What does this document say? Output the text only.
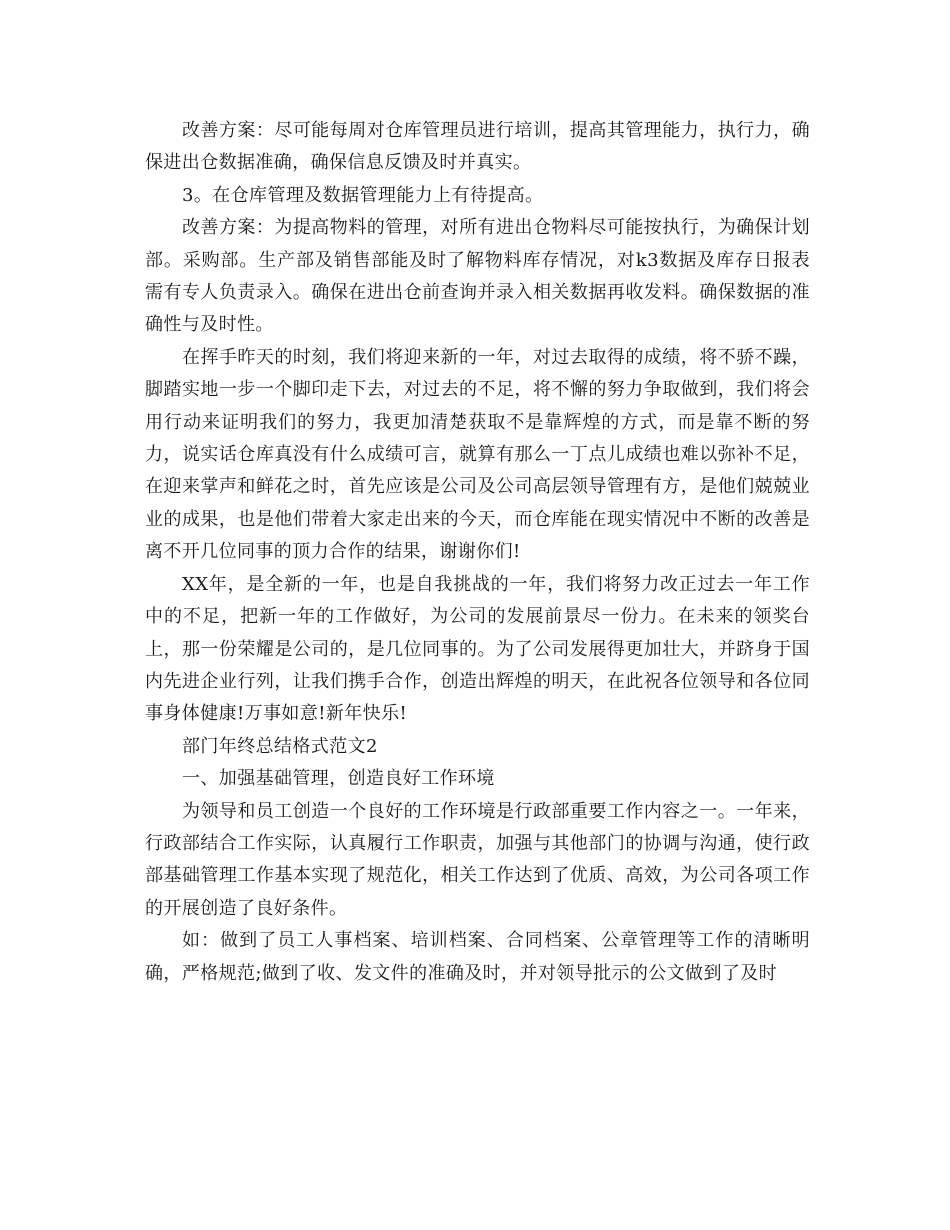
改善方案：尽可能每周对仓库管理员进行培训，提高其管理能力，执行力，确保进出仓数据准确，确保信息反馈及时并真实。

3。在仓库管理及数据管理能力上有待提高。

改善方案：为提高物料的管理，对所有进出仓物料尽可能按执行，为确保计划部。采购部。生产部及销售部能及时了解物料库存情况，对k3数据及库存日报表需有专人负责录入。确保在进出仓前查询并录入相关数据再收发料。确保数据的准确性与及时性。

在挥手昨天的时刻，我们将迎来新的一年，对过去取得的成绩，将不骄不躁，脚踏实地一步一个脚印走下去，对过去的不足，将不懈的努力争取做到，我们将会用行动来证明我们的努力，我更加清楚获取不是靠辉煌的方式，而是靠不断的努力，说实话仓库真没有什么成绩可言，就算有那么一丁点儿成绩也难以弥补不足，在迎来掌声和鲜花之时，首先应该是公司及公司高层领导管理有方，是他们兢兢业业的成果，也是他们带着大家走出来的今天，而仓库能在现实情况中不断的改善是离不开几位同事的顶力合作的结果，谢谢你们!

XX年，是全新的一年，也是自我挑战的一年，我们将努力改正过去一年工作中的不足，把新一年的工作做好，为公司的发展前景尽一份力。在未来的领奖台上，那一份荣耀是公司的，是几位同事的。为了公司发展得更加壮大，并跻身于国内先进企业行列，让我们携手合作，创造出辉煌的明天，在此祝各位领导和各位同事身体健康!万事如意!新年快乐!

部门年终总结格式范文2

一、加强基础管理，创造良好工作环境

为领导和员工创造一个良好的工作环境是行政部重要工作内容之一。一年来，行政部结合工作实际，认真履行工作职责，加强与其他部门的协调与沟通，使行政部基础管理工作基本实现了规范化，相关工作达到了优质、高效，为公司各项工作的开展创造了良好条件。

如：做到了员工人事档案、培训档案、合同档案、公章管理等工作的清晰明确，严格规范;做到了收、发文件的准确及时，并对领导批示的公文做到了及时
